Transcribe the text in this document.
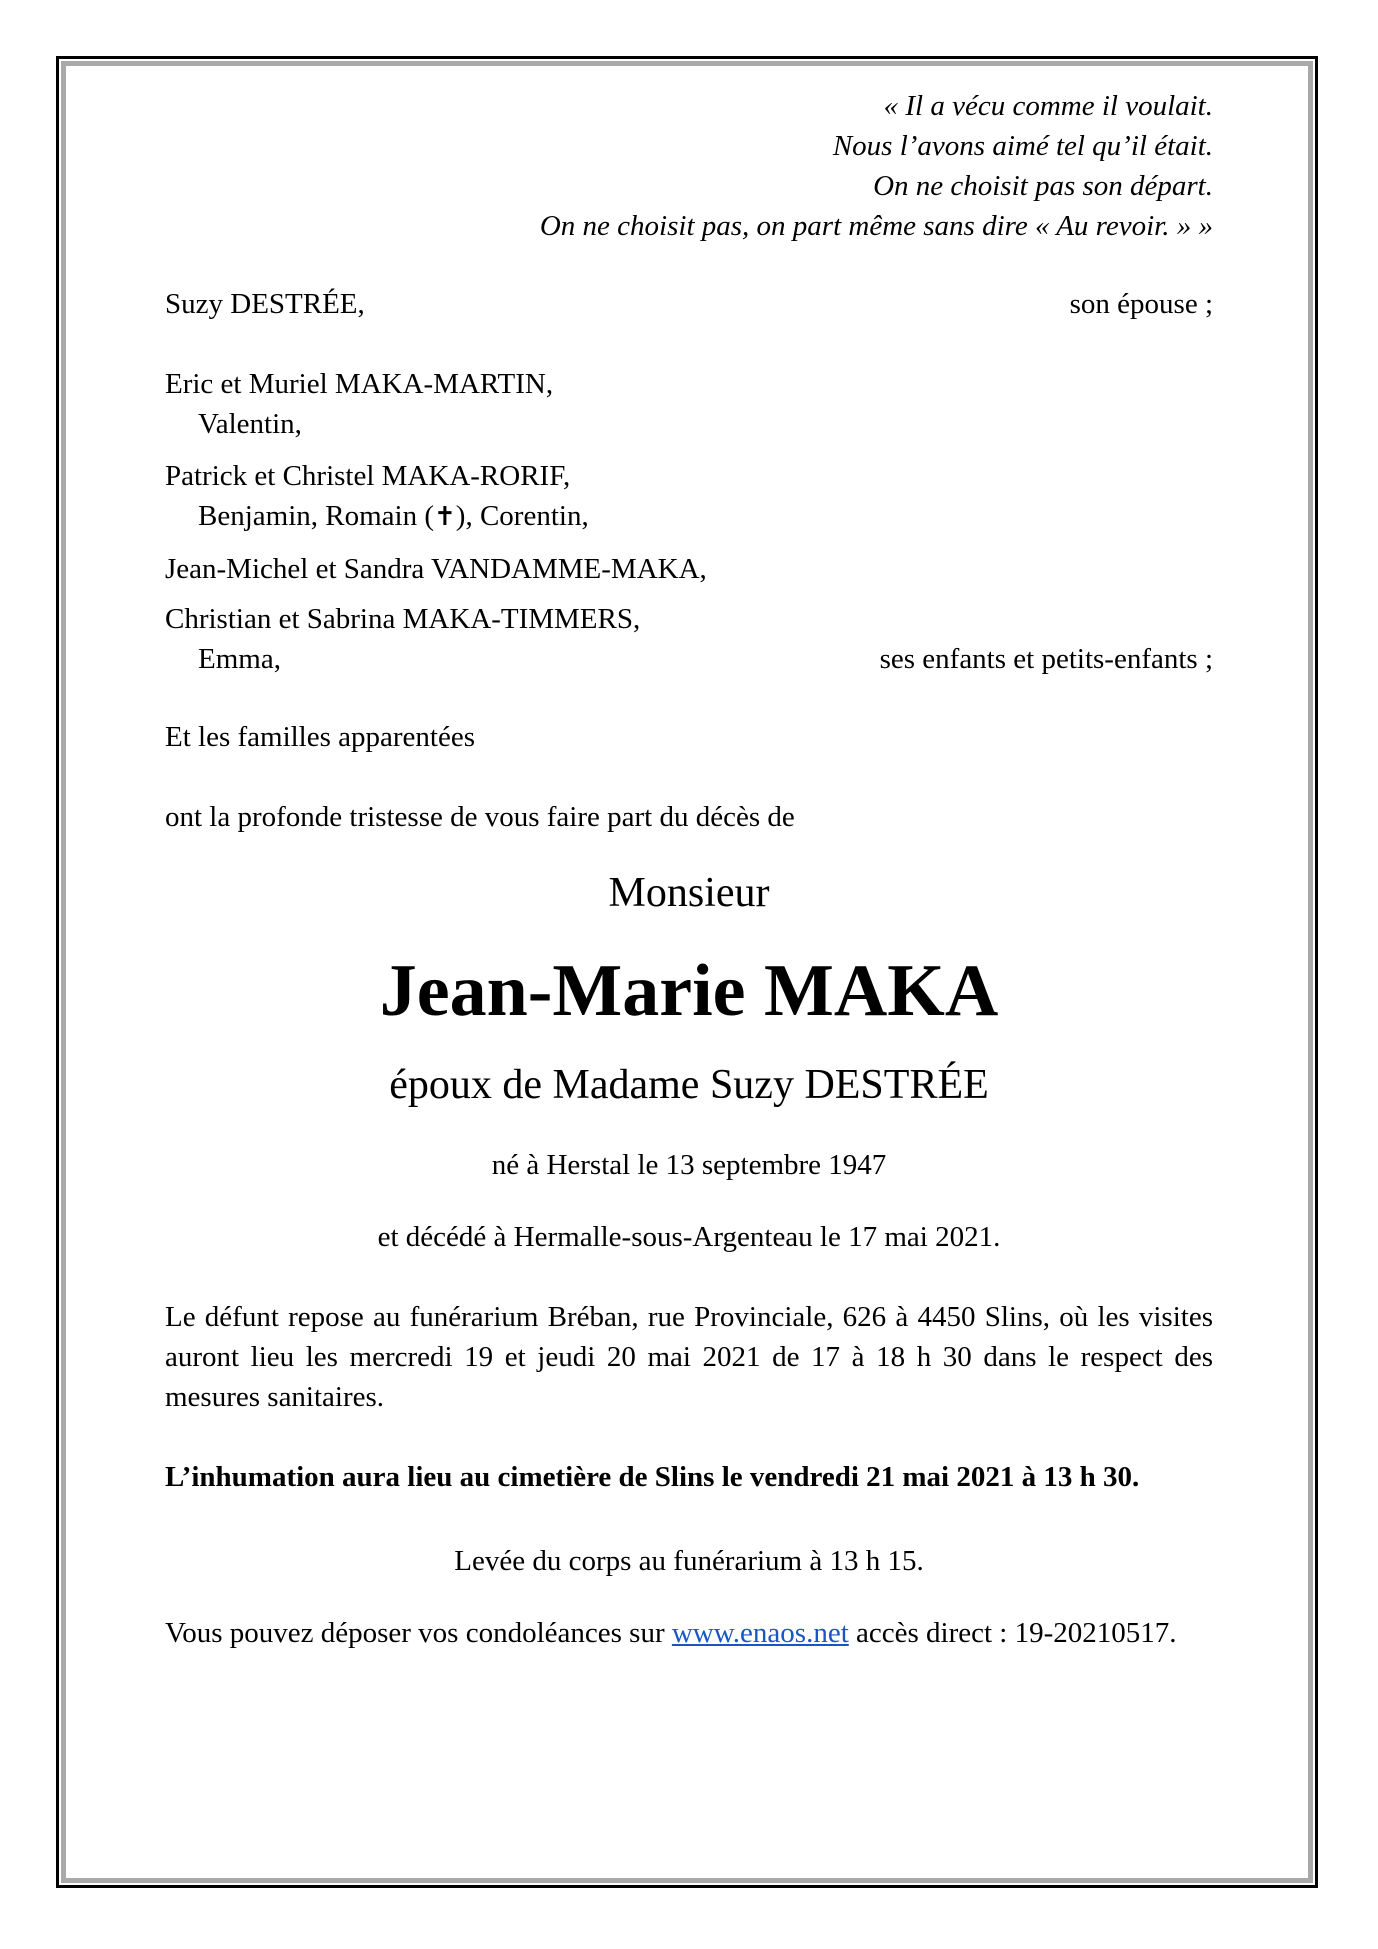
« Il a vécu comme il voulait.
Nous l’avons aimé tel qu’il était.
On ne choisit pas son départ.
On ne choisit pas, on part même sans dire « Au revoir. » »
Suzy DESTRÉE,	son épouse ;
Eric et Muriel MAKA-MARTIN,
Valentin,
Patrick et Christel MAKA-RORIF,
Benjamin, Romain (✝), Corentin,
Jean-Michel et Sandra VANDAMME-MAKA,
Christian et Sabrina MAKA-TIMMERS,
Emma,	ses enfants et petits-enfants ;
Et les familles apparentées
ont la profonde tristesse de vous faire part du décès de
Monsieur
Jean-Marie MAKA
époux de Madame Suzy DESTRÉE
né à Herstal le 13 septembre 1947
et décédé à Hermalle-sous-Argenteau le 17 mai 2021.
Le défunt repose au funérarium Bréban, rue Provinciale, 626 à 4450 Slins, où les visites auront lieu les mercredi 19 et jeudi 20 mai 2021 de 17 à 18 h 30 dans le respect des mesures sanitaires.
L’inhumation aura lieu au cimetière de Slins le vendredi 21 mai 2021 à 13 h 30.
Levée du corps au funérarium à 13 h 15.
Vous pouvez déposer vos condoléances sur www.enaos.net accès direct : 19-20210517.
